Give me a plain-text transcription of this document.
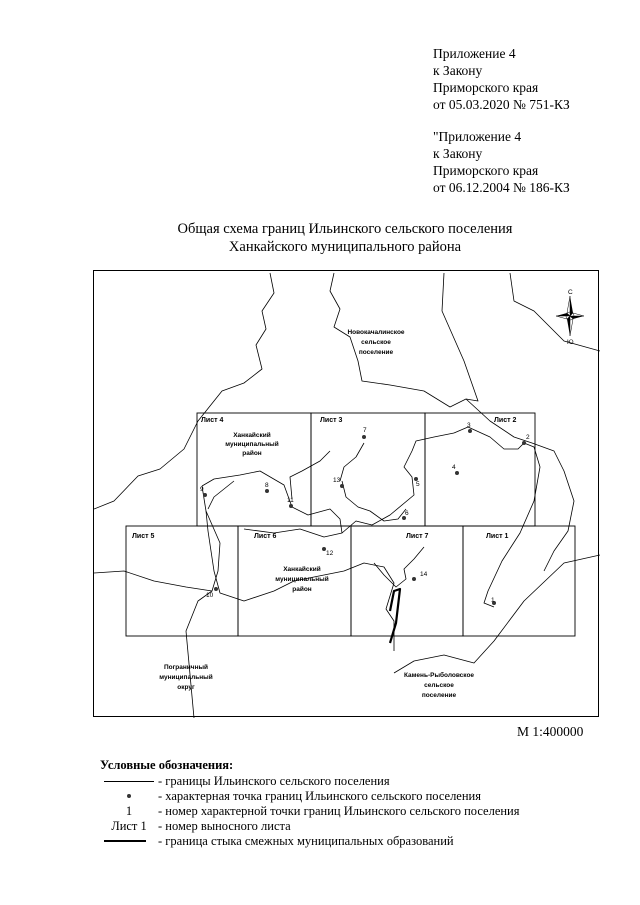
Приложение 4
к Закону
Приморского края
от 05.03.2020 № 751-КЗ
"Приложение 4
к Закону
Приморского края
от 06.12.2004 № 186-КЗ
Общая схема границ Ильинского сельского поселения
Ханкайского муниципального района
Лист 4	Лист 3	Лист 2
Лист 5	Лист 6	Лист 7	Лист 1
Новокачалинское
сельское
поселение
Ханкайский
муниципальный
район
Ханкайский
муниципальный
район
Пограничный
муниципальный
округ
Камень-Рыболовское
сельское
поселение
1
2
3
4
5
6
7
8
9
10
11
12
13
14
С
Ю
М 1:400000
Условные обозначения:
- границы Ильинского сельского поселения
- характерная точка границ Ильинского сельского поселения
1	- номер характерной точки границ Ильинского сельского поселения
Лист 1 - номер выносного листа
- граница стыка смежных муниципальных образований
